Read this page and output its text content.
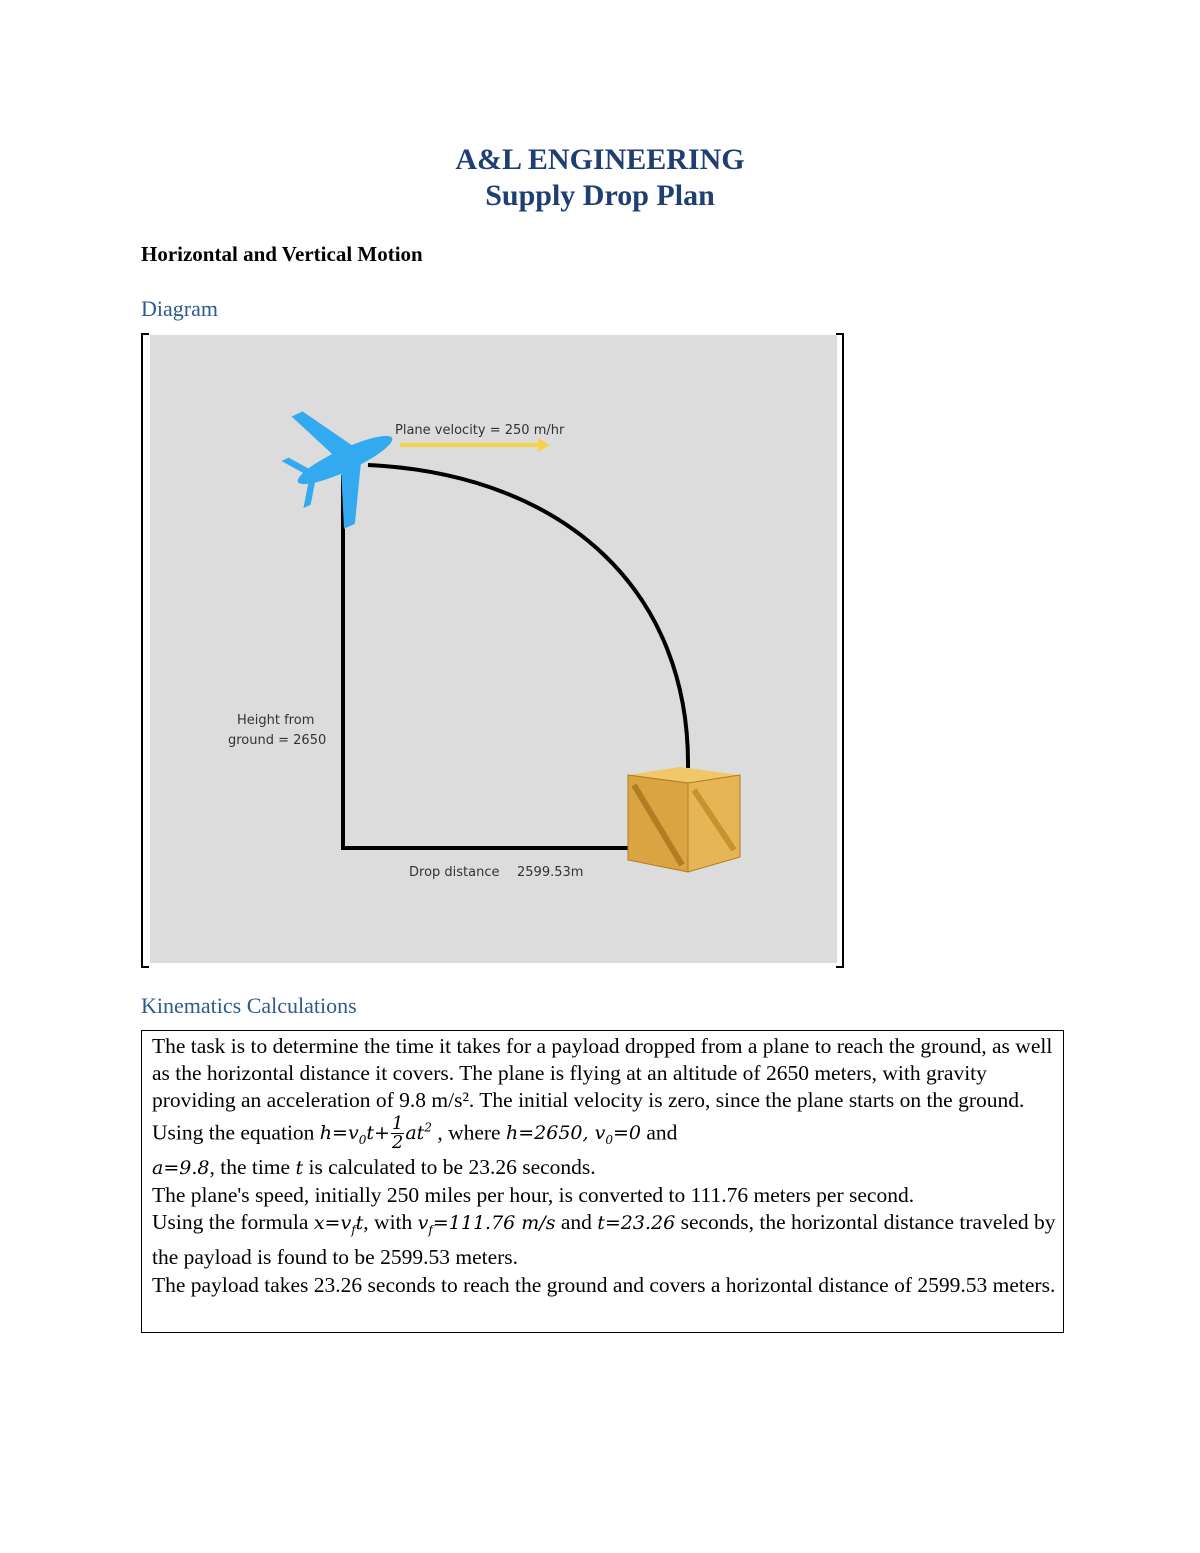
A&L ENGINEERING
Supply Drop Plan
Horizontal and Vertical Motion
Diagram
Plane velocity = 250 m/hr
Height from
ground = 2650
Drop distance 2599.53m
Kinematics Calculations

The task is to determine the time it takes for a payload dropped from a plane to reach the ground, as well as the horizontal distance it covers. The plane is flying at an altitude of 2650 meters, with gravity providing an acceleration of 9.8 m/s². The initial velocity is zero, since the plane starts on the ground. Using the equation $h=v_0t+ \frac{1}{2} at^2$ , where h=2650, $v_0=0$ and
a=9.8, the time t is calculated to be 23.26 seconds.

The plane's speed, initially 250 miles per hour, is converted to 111.76 meters per second.

Using the formula $x=v_ft$, with $v_f=111.76$ m/s and t=23.26 seconds, the horizontal distance traveled by the payload is found to be 2599.53 meters.

The payload takes 23.26 seconds to reach the ground and covers a horizontal distance of 2599.53 meters.
